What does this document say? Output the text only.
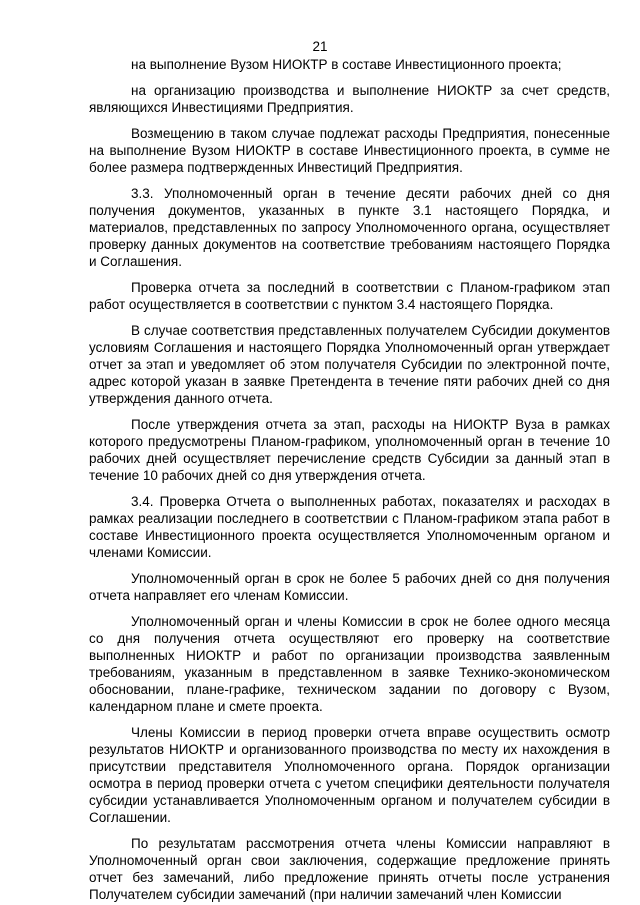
21

на выполнение Вузом НИОКТР в составе Инвестиционного проекта;

на организацию производства и выполнение НИОКТР за счет средств, являющихся Инвестициями Предприятия.

Возмещению в таком случае подлежат расходы Предприятия, понесенные на выполнение Вузом НИОКТР в составе Инвестиционного проекта, в сумме не более размера подтвержденных Инвестиций Предприятия.

3.3. Уполномоченный орган в течение десяти рабочих дней со дня получения документов, указанных в пункте 3.1 настоящего Порядка, и материалов, представленных по запросу Уполномоченного органа, осуществляет проверку данных документов на соответствие требованиям настоящего Порядка и Соглашения.

Проверка отчета за последний в соответствии с Планом-графиком этап работ осуществляется в соответствии с пунктом 3.4 настоящего Порядка.

В случае соответствия представленных получателем Субсидии документов условиям Соглашения и настоящего Порядка Уполномоченный орган утверждает отчет за этап и уведомляет об этом получателя Субсидии по электронной почте, адрес которой указан в заявке Претендента в течение пяти рабочих дней со дня утверждения данного отчета.

После утверждения отчета за этап, расходы на НИОКТР Вуза в рамках которого предусмотрены Планом-графиком, уполномоченный орган в течение 10 рабочих дней осуществляет перечисление средств Субсидии за данный этап в течение 10 рабочих дней со дня утверждения отчета.

3.4. Проверка Отчета о выполненных работах, показателях и расходах в рамках реализации последнего в соответствии с Планом-графиком этапа работ в составе Инвестиционного проекта осуществляется Уполномоченным органом и членами Комиссии.

Уполномоченный орган в срок не более 5 рабочих дней со дня получения отчета направляет его членам Комиссии.

Уполномоченный орган и члены Комиссии в срок не более одного месяца со дня получения отчета осуществляют его проверку на соответствие выполненных НИОКТР и работ по организации производства заявленным требованиям, указанным в представленном в заявке Технико-экономическом обосновании, плане-графике, техническом задании по договору с Вузом, календарном плане и смете проекта.

Члены Комиссии в период проверки отчета вправе осуществить осмотр результатов НИОКТР и организованного производства по месту их нахождения в присутствии представителя Уполномоченного органа. Порядок организации осмотра в период проверки отчета с учетом специфики деятельности получателя субсидии устанавливается Уполномоченным органом и получателем субсидии в Соглашении.

По результатам рассмотрения отчета члены Комиссии направляют в Уполномоченный орган свои заключения, содержащие предложение принять отчет без замечаний, либо предложение принять отчеты после устранения Получателем субсидии замечаний (при наличии замечаний член Комиссии
